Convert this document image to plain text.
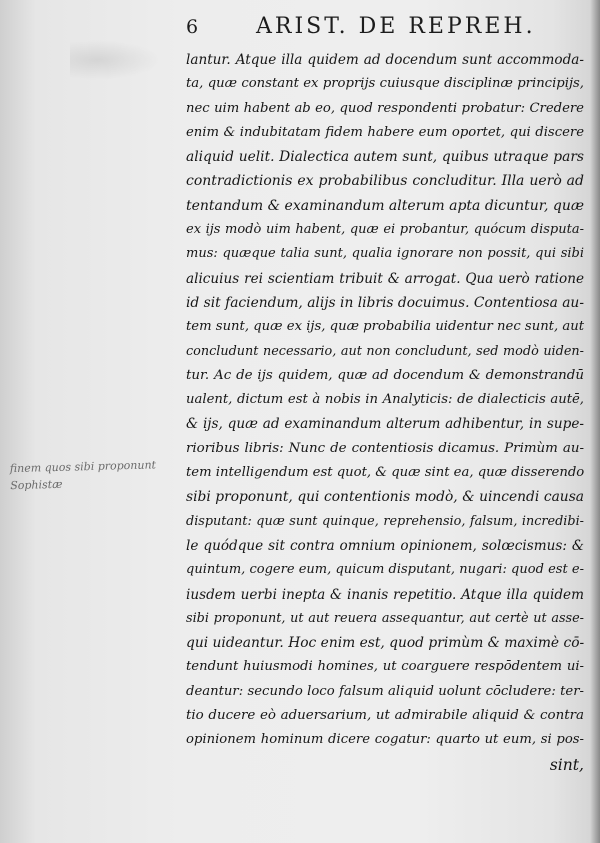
6	ARIST. DE REPREH.
finem quos sibi proponunt
Sophistæ
lantur. Atque illa quidem ad docendum sunt accommoda-
ta, quæ constant ex proprijs cuiusque disciplinæ principijs,
nec uim habent ab eo, quod respondenti probatur: Credere
enim & indubitatam fidem habere eum oportet, qui discere
aliquid uelit. Dialectica autem sunt, quibus utraque pars
contradictionis ex probabilibus concluditur. Illa uerò ad
tentandum & examinandum alterum apta dicuntur, quæ
ex ijs modò uim habent, quæ ei probantur, quócum disputa-
mus: quæque talia sunt, qualia ignorare non possit, qui sibi
alicuius rei scientiam tribuit & arrogat. Qua uerò ratione
id sit faciendum, alijs in libris docuimus. Contentiosa au-
tem sunt, quæ ex ijs, quæ probabilia uidentur nec sunt, aut
concludunt necessario, aut non concludunt, sed modò uiden-
tur. Ac de ijs quidem, quæ ad docendum & demonstrandū
ualent, dictum est à nobis in Analyticis: de dialecticis autē,
& ijs, quæ ad examinandum alterum adhibentur, in supe-
rioribus libris: Nunc de contentiosis dicamus. Primùm au-
tem intelligendum est quot, & quæ sint ea, quæ disserendo
sibi proponunt, qui contentionis modò, & uincendi causa
disputant: quæ sunt quinque, reprehensio, falsum, incredibi-
le quódque sit contra omnium opinionem, solœcismus: &
quintum, cogere eum, quicum disputant, nugari: quod est e-
iusdem uerbi inepta & inanis repetitio. Atque illa quidem
sibi proponunt, ut aut reuera assequantur, aut certè ut asse-
qui uideantur. Hoc enim est, quod primùm & maximè cō-
tendunt huiusmodi homines, ut coarguere respōdentem ui-
deantur: secundo loco falsum aliquid uolunt cōcludere: ter-
tio ducere eò aduersarium, ut admirabile aliquid & contra
opinionem hominum dicere cogatur: quarto ut eum, si pos-
sint,
